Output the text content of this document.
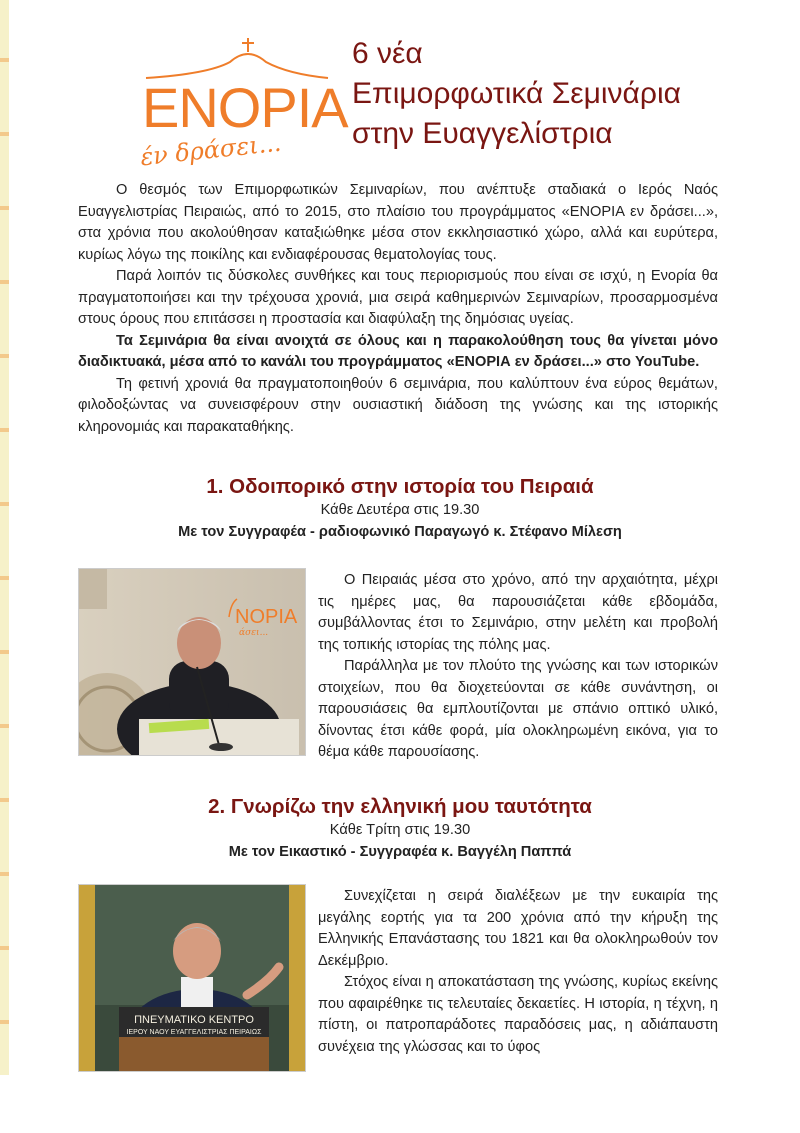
ΕΝΟΡΙΑ
έν δράσει...
6 νέα
Επιμορφωτικά Σεμινάρια
στην Ευαγγελίστρια

Ο θεσμός των Επιμορφωτικών Σεμιναρίων, που ανέπτυξε σταδιακά ο Ιερός Ναός Ευαγγελιστρίας Πειραιώς, από το 2015, στο πλαίσιο του προγράμματος «ΕΝΟΡΙΑ εν δράσει...», στα χρόνια που ακολούθησαν καταξιώθηκε μέσα στον εκκλησιαστικό χώρο, αλλά και ευρύτερα, κυρίως λόγω της ποικίλης και ενδιαφέρουσας θεματολογίας τους.

Παρά λοιπόν τις δύσκολες συνθήκες και τους περιορισμούς που είναι σε ισχύ, η Ενορία θα πραγματοποιήσει και την τρέχουσα χρονιά, μια σειρά καθημερινών Σεμιναρίων, προσαρμοσμένα στους όρους που επιτάσσει η προστασία και διαφύλαξη της δημόσιας υγείας.

Τα Σεμινάρια θα είναι ανοιχτά σε όλους και η παρακολούθηση τους θα γίνεται μόνο διαδικτυακά, μέσα από το κανάλι του προγράμματος «ΕΝΟΡΙΑ εν δράσει...» στο YouTube.

Τη φετινή χρονιά θα πραγματοποιηθούν 6 σεμινάρια, που καλύπτουν ένα εύρος θεμάτων, φιλοδοξώντας να συνεισφέρουν στην ουσιαστική διάδοση της γνώσης και της ιστορικής κληρονομιάς και παρακαταθήκης.

1. Οδοιπορικό στην ιστορία του Πειραιά
Κάθε Δευτέρα στις 19.30
Με τον Συγγραφέα - ραδιοφωνικό Παραγωγό κ. Στέφανο Μίλεση
ΝΟΡΙΑ
άσει...

Ο Πειραιάς μέσα στο χρόνο, από την αρχαιότητα, μέχρι τις ημέρες μας, θα παρουσιάζεται κάθε εβδομάδα, συμβάλλοντας έτσι το Σεμινάριο, στην μελέτη και προβολή της τοπικής ιστορίας της πόλης μας.

Παράλληλα με τον πλούτο της γνώσης και των ιστορικών στοιχείων, που θα διοχετεύονται σε κάθε συνάντηση, οι παρουσιάσεις θα εμπλουτίζονται με σπάνιο οπτικό υλικό, δίνοντας έτσι κάθε φορά, μία ολοκληρωμένη εικόνα, για το θέμα κάθε παρουσίασης.

2. Γνωρίζω την ελληνική μου ταυτότητα
Κάθε Τρίτη στις 19.30
Με τον Εικαστικό - Συγγραφέα κ. Βαγγέλη Παππά
ΠΝΕΥΜΑΤΙΚΟ ΚΕΝΤΡΟ
ΙΕΡΟΥ ΝΑΟΥ ΕΥΑΓΓΕΛΙΣΤΡΙΑΣ ΠΕΙΡΑΙΩΣ

Συνεχίζεται η σειρά διαλέξεων με την ευκαιρία της μεγάλης εορτής για τα 200 χρόνια από την κήρυξη της Ελληνικής Επανάστασης του 1821 και θα ολοκληρωθούν τον Δεκέμβριο.

Στόχος είναι η αποκατάσταση της γνώσης, κυρίως εκείνης που αφαιρέθηκε τις τελευταίες δεκαετίες. Η ιστορία, η τέχνη, η πίστη, οι πατροπαράδοτες παραδόσεις μας, η αδιάπαυστη συνέχεια της γλώσσας και το ύφος
